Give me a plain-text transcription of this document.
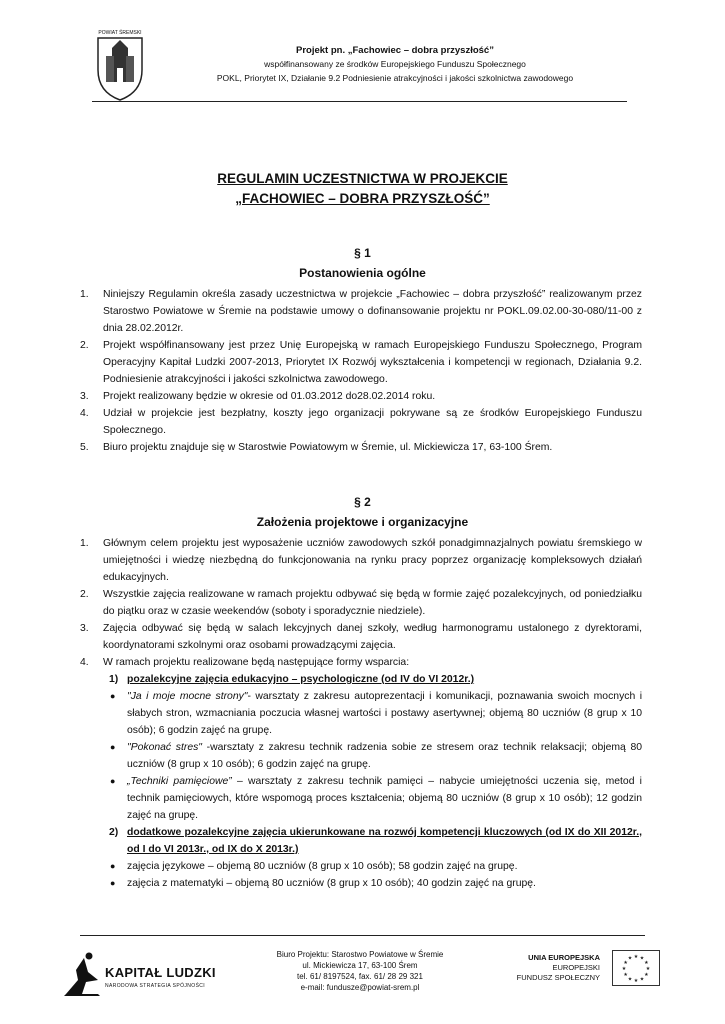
POWIAT ŚREMSKI
Projekt pn. „Fachowiec – dobra przyszłość”
współfinansowany ze środków Europejskiego Funduszu Społecznego
POKL, Priorytet IX, Działanie 9.2 Podniesienie atrakcyjności i jakości szkolnictwa zawodowego
REGULAMIN UCZESTNICTWA W PROJEKCIE
„FACHOWIEC – DOBRA PRZYSZŁOŚĆ”
§ 1
Postanowienia ogólne
1. Niniejszy Regulamin określa zasady uczestnictwa w projekcie „Fachowiec – dobra przyszłość” realizowanym przez Starostwo Powiatowe w Śremie na podstawie umowy o dofinansowanie projektu nr POKL.09.02.00-30-080/11-00 z dnia 28.02.2012r.
2. Projekt współfinansowany jest przez Unię Europejską w ramach Europejskiego Funduszu Społecznego, Program Operacyjny Kapitał Ludzki 2007-2013, Priorytet IX Rozwój wykształcenia i kompetencji w regionach, Działania 9.2. Podniesienie atrakcyjności i jakości szkolnictwa zawodowego.
3. Projekt realizowany będzie w okresie od 01.03.2012 do28.02.2014 roku.
4. Udział w projekcie jest bezpłatny, koszty jego organizacji pokrywane są ze środków Europejskiego Funduszu Społecznego.
5. Biuro projektu znajduje się w Starostwie Powiatowym w Śremie, ul. Mickiewicza 17, 63-100 Śrem.
§ 2
Założenia projektowe i organizacyjne
1. Głównym celem projektu jest wyposażenie uczniów zawodowych szkół ponadgimnazjalnych powiatu śremskiego w umiejętności i wiedzę niezbędną do funkcjonowania na rynku pracy poprzez organizację kompleksowych działań edukacyjnych.
2. Wszystkie zajęcia realizowane w ramach projektu odbywać się będą w formie zajęć pozalekcyjnych, od poniedziałku do piątku oraz w czasie weekendów (soboty i sporadycznie niedziele).
3. Zajęcia odbywać się będą w salach lekcyjnych danej szkoły, według harmonogramu ustalonego z dyrektorami, koordynatorami szkolnymi oraz osobami prowadzącymi zajęcia.
4. W ramach projektu realizowane będą następujące formy wsparcia:
1) pozalekcyjne zajęcia edukacyjno – psychologiczne (od IV do VI 2012r.)
● "Ja i moje mocne strony"- warsztaty z zakresu autoprezentacji i komunikacji, poznawania swoich mocnych i słabych stron, wzmacniania poczucia własnej wartości i postawy asertywnej; objemą 80 uczniów (8 grup x 10 osób); 6 godzin zajęć na grupę.
● "Pokonać stres" -warsztaty z zakresu technik radzenia sobie ze stresem oraz technik relaksacji; objemą 80 uczniów (8 grup x 10 osób); 6 godzin zajęć na grupę.
● „Techniki pamięciowe” – warsztaty z zakresu technik pamięci – nabycie umiejętności uczenia się, metod i technik pamięciowych, które wspomogą proces kształcenia; objemą 80 uczniów (8 grup x 10 osób); 12 godzin zajęć na grupę.
2) dodatkowe pozalekcyjne zajęcia ukierunkowane na rozwój kompetencji kluczowych (od IX do XII 2012r., od I do VI 2013r., od IX do X 2013r.)
● zajęcia językowe – objemą 80 uczniów (8 grup x 10 osób); 58 godzin zajęć na grupę.
● zajęcia z matematyki – objemą 80 uczniów (8 grup x 10 osób); 40 godzin zajęć na grupę.
KAPITAŁ LUDZKI
NARODOWA STRATEGIA SPÓJNOŚCI
Biuro Projektu: Starostwo Powiatowe w Śremie
ul. Mickiewicza 17, 63-100 Śrem
tel. 61/ 8197524, fax. 61/ 28 29 321
e-mail: fundusze@powiat-srem.pl
UNIA EUROPEJSKA
EUROPEJSKI
FUNDUSZ SPOŁECZNY
★ ★
★
★
★
★
★
★
★
★
★
★
